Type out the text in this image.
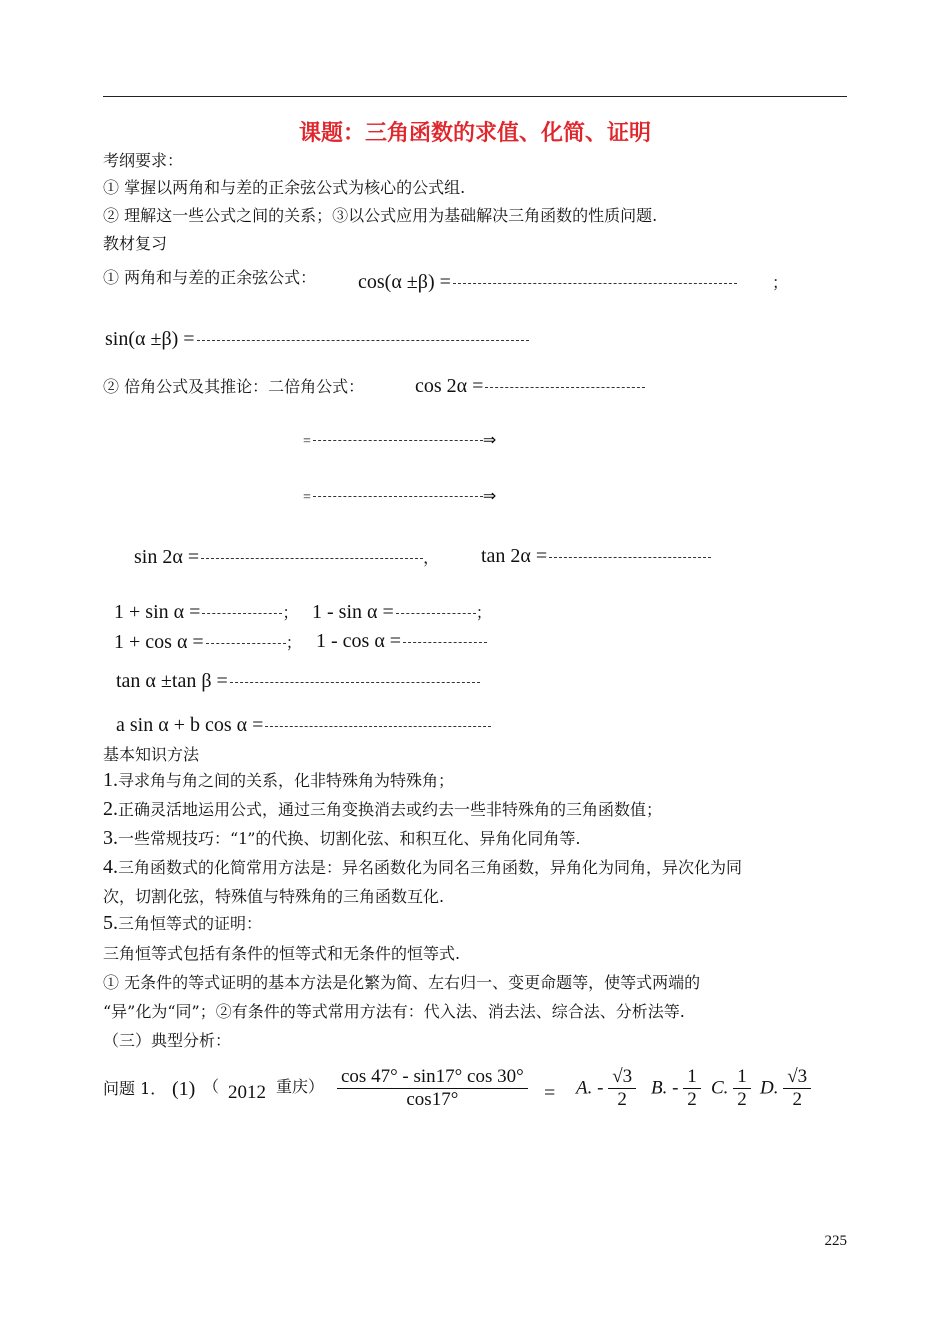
课题：三角函数的求值、化简、证明
考纲要求：
① 掌握以两角和与差的正余弦公式为核心的公式组.
② 理解这一些公式之间的关系；③以公式应用为基础解决三角函数的性质问题.
教材复习
① 两角和与差的正余弦公式： cos(α ±β) =	；
sin(α ±β) =
② 倍角公式及其推论：二倍角公式：	cos 2α =
=	⇒
=	⇒
sin 2α =	， tan 2α =
1 + sin α =	； 1 - sin α =	；
1 + cos α =	； 1 - cos α =
tan α ±tan β =
a sin α + b cos α =
基本知识方法
1.寻求角与角之间的关系，化非特殊角为特殊角；
2.正确灵活地运用公式，通过三角变换消去或约去一些非特殊角的三角函数值；
3.一些常规技巧：“1”的代换、切割化弦、和积互化、异角化同角等.
4.三角函数式的化简常用方法是：异名函数化为同名三角函数，异角化为同角，异次化为同
次，切割化弦，特殊值与特殊角的三角函数互化.
5.三角恒等式的证明：
三角恒等式包括有条件的恒等式和无条件的恒等式.
① 无条件的等式证明的基本方法是化繁为简、左右归一、变更命题等，使等式两端的
“异”化为“同”；②有条件的等式常用方法有：代入法、消去法、综合法、分析法等.
（三）典型分析：
问题 1． (1) （ 2012 重庆） $\frac{\cos 47^\circ - \sin 17^\circ \cos 30^\circ}{\cos 17^\circ} = A$. - $\frac{√3}{2} B$. - $\frac{1}{2} C$. $\frac{1}{2} D$. $\frac{√3}{2}$
225
